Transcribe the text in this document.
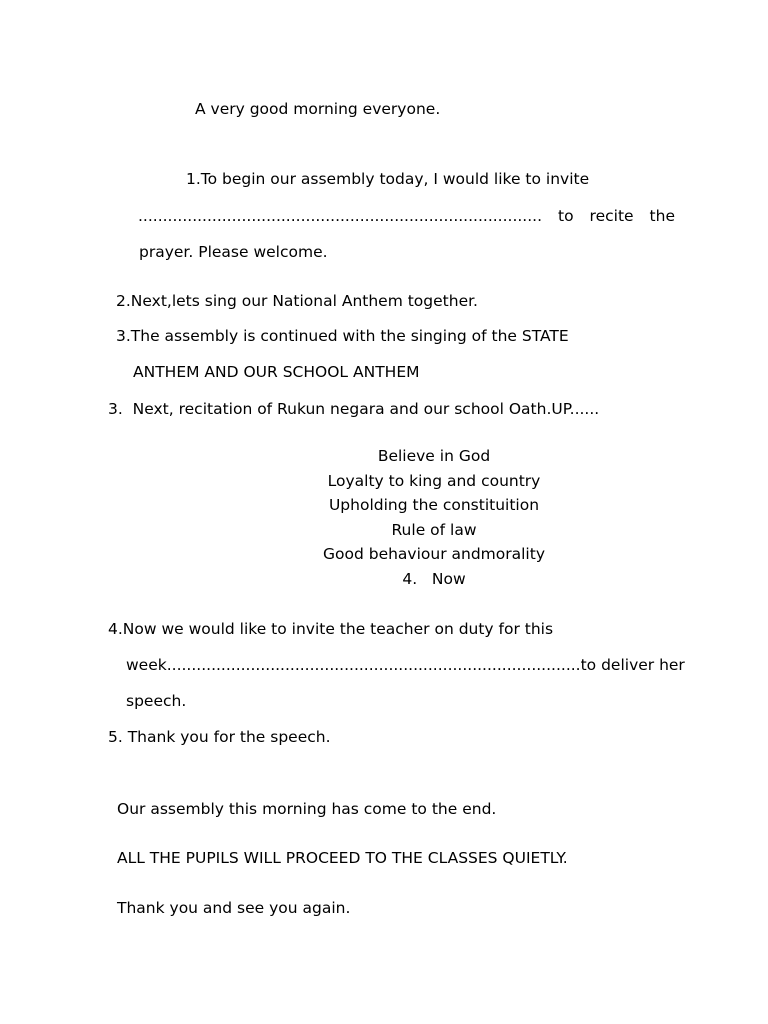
A very good morning everyone.
1.To begin our assembly today, I would like to invite
.................................................................................. to recite the
prayer. Please welcome.
2.Next,lets sing our National Anthem together.
3.The assembly is continued with the singing of the STATE
ANTHEM AND OUR SCHOOL ANTHEM
3.  Next, recitation of Rukun negara and our school Oath.UP......
Believe in God
Loyalty to king and country
Upholding the constituition
Rule of law
Good behaviour andmorality
4.   Now
4.Now we would like to invite the teacher on duty for this
week....................................................................................to deliver her
speech.
5. Thank you for the speech.
Our assembly this morning has come to the end.
ALL THE PUPILS WILL PROCEED TO THE CLASSES QUIETLY.
Thank you and see you again.
